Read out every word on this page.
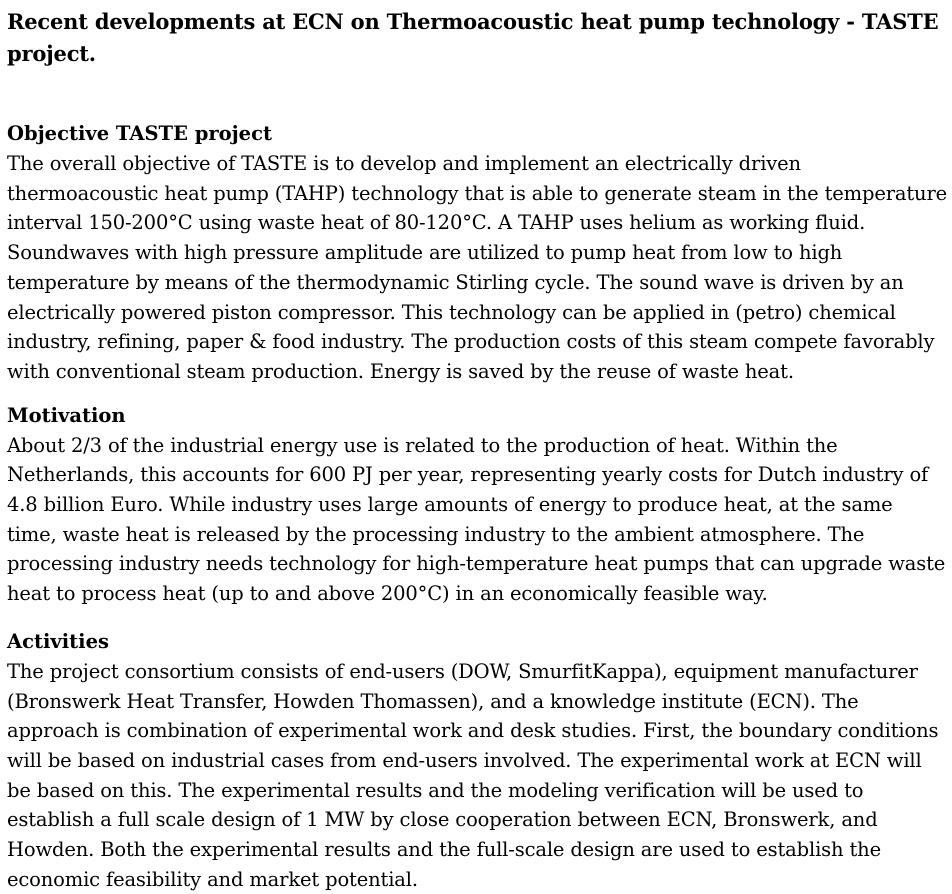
Recent developments at ECN on Thermoacoustic heat pump technology - TASTE project.
Objective TASTE project

The overall objective of TASTE is to develop and implement an electrically driven thermoacoustic heat pump (TAHP) technology that is able to generate steam in the temperature interval 150-200°C using waste heat of 80-120°C. A TAHP uses helium as working fluid. Soundwaves with high pressure amplitude are utilized to pump heat from low to high temperature by means of the thermodynamic Stirling cycle. The sound wave is driven by an electrically powered piston compressor. This technology can be applied in (petro) chemical industry, refining, paper & food industry. The production costs of this steam compete favorably with conventional steam production. Energy is saved by the reuse of waste heat.

Motivation

About 2/3 of the industrial energy use is related to the production of heat. Within the Netherlands, this accounts for 600 PJ per year, representing yearly costs for Dutch industry of 4.8 billion Euro. While industry uses large amounts of energy to produce heat, at the same time, waste heat is released by the processing industry to the ambient atmosphere. The processing industry needs technology for high-temperature heat pumps that can upgrade waste heat to process heat (up to and above 200°C) in an economically feasible way.

Activities

The project consortium consists of end-users (DOW, SmurfitKappa), equipment manufacturer (Bronswerk Heat Transfer, Howden Thomassen), and a knowledge institute (ECN). The approach is combination of experimental work and desk studies. First, the boundary conditions will be based on industrial cases from end-users involved. The experimental work at ECN will be based on this. The experimental results and the modeling verification will be used to establish a full scale design of 1 MW by close cooperation between ECN, Bronswerk, and Howden. Both the experimental results and the full-scale design are used to establish the economic feasibility and market potential.
